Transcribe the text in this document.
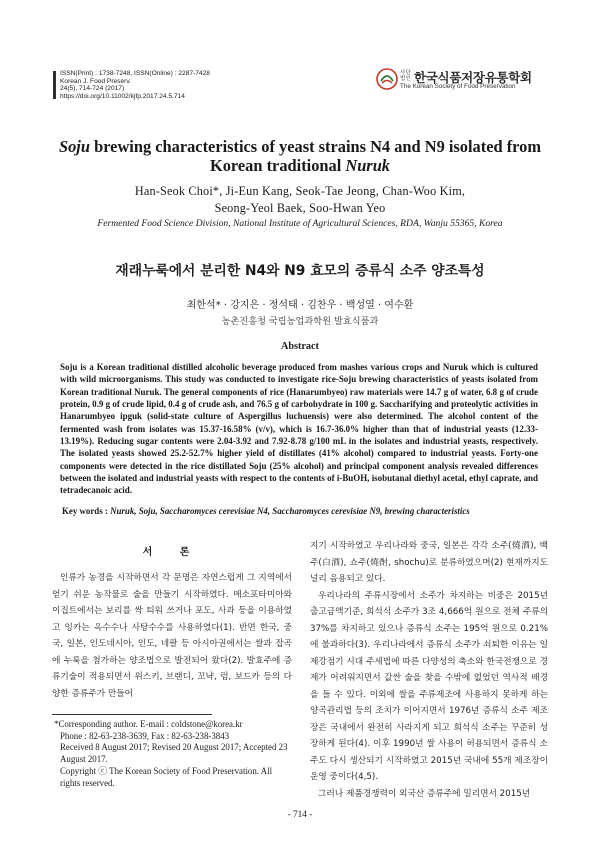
ISSN(Print) : 1738-7248, ISSN(Online) : 2287-7428
Korean J. Food Preserv.
24(5), 714-724 (2017)
https://doi.org/10.11002/kjfp.2017.24.5.714
사단
법인 한국식품저장유통학회
The Korean Society of Food Preservation
Soju brewing characteristics of yeast strains N4 and N9 isolated from
Korean traditional Nuruk
Han-Seok Choi*, Ji-Eun Kang, Seok-Tae Jeong, Chan-Woo Kim,
Seong-Yeol Baek, Soo-Hwan Yeo
Fermented Food Science Division, National Institute of Agricultural Sciences, RDA, Wanju 55365, Korea
재래누룩에서 분리한 N4와 N9 효모의 증류식 소주 양조특성
최한석* · 강지은 · 정석태 · 김찬우 · 백성열 · 여수환
농촌진흥청 국립농업과학원 발효식품과
Abstract
Soju is a Korean traditional distilled alcoholic beverage produced from mashes various crops and Nuruk which is cultured with wild microorganisms. This study was conducted to investigate rice-Soju brewing characteristics of yeasts isolated from Korean traditional Nuruk. The general components of rice (Hanarumbyeo) raw materials were 14.7 g of water, 6.8 g of crude protein, 0.9 g of crude lipid, 0.4 g of crude ash, and 76.5 g of carbohydrate in 100 g. Saccharifying and proteolytic activities in Hanarumbyeo ipguk (solid-state culture of Aspergillus luchuensis) were also determined. The alcohol content of the fermented wash from isolates was 15.37-16.58% (v/v), which is 16.7-36.0% higher than that of industrial yeasts (12.33-13.19%). Reducing sugar contents were 2.04-3.92 and 7.92-8.78 g/100 mL in the isolates and industrial yeasts, respectively. The isolated yeasts showed 25.2-52.7% higher yield of distillates (41% alcohol) compared to industrial yeasts. Forty-one components were detected in the rice distillated Soju (25% alcohol) and principal component analysis revealed differences between the isolated and industrial yeasts with respect to the contents of i-BuOH, isobutanal diethyl acetal, ethyl caprate, and tetradecanoic acid.
Key words : Nuruk, Soju, Saccharomyces cerevisiae N4, Saccharomyces cerevisiae N9, brewing characteristics
서 론
인류가 농경을 시작하면서 각 문명은 자연스럽게 그 지역에서 얻기 쉬운 농작물로 술을 만들기 시작하였다. 메소포타미아와 이집트에서는 보리를 싹 틔워 쓰거나 포도, 사과 등을 이용하였고 잉카는 옥수수나 사탕수수를 사용하였다(1). 반면 한국, 중국, 일본, 인도네시아, 인도, 네팔 등 아시아권에서는 쌀과 잡곡에 누룩을 첨가하는 양조법으로 발전되어 왔다(2). 발효주에 증류기술이 적용되면서 위스키, 브랜디, 꼬냑, 럼, 보드카 등의 다양한 증류주가 만들어

지기 시작하였고 우리나라와 중국, 일본은 각각 소주(燒酒), 백주(白酒), 쇼주(燒酎, shochu)로 분류하였으며(2) 현재까지도 널리 음용되고 있다.

우리나라의 주류시장에서 소주가 차지하는 비중은 2015년 출고금액기준, 희석식 소주가 3조 4,666억 원으로 전체 주류의 37%를 차지하고 있으나 증류식 소주는 195억 원으로 0.21%에 불과하다(3). 우리나라에서 증류식 소주가 쇠퇴한 이유는 일제강점기 시대 주세법에 따른 다양성의 축소와 한국전쟁으로 경제가 어려워지면서 값싼 술을 찾을 수밖에 없었던 역사적 배경을 들 수 있다. 이외에 쌀을 주류제조에 사용하지 못하게 하는 양곡관리법 등의 조치가 이어지면서 1976년 증류식 소주 제조장은 국내에서 완전히 사라지게 되고 희석식 소주는 꾸준히 성장하게 된다(4). 이후 1990년 쌀 사용이 허용되면서 증류식 소주도 다시 생산되기 시작하였고 2015년 국내에 55개 제조장이 운영 중이다(4,5).

그러나 제품경쟁력이 외국산 증류주에 밀리면서 2015년

*Corresponding author. E-mail : coldstone@korea.kr
Phone : 82-63-238-3639, Fax : 82-63-238-3843
Received 8 August 2017; Revised 20 August 2017; Accepted 23 August 2017.
Copyright ⓒ The Korean Society of Food Preservation. All rights reserved.
- 714 -
